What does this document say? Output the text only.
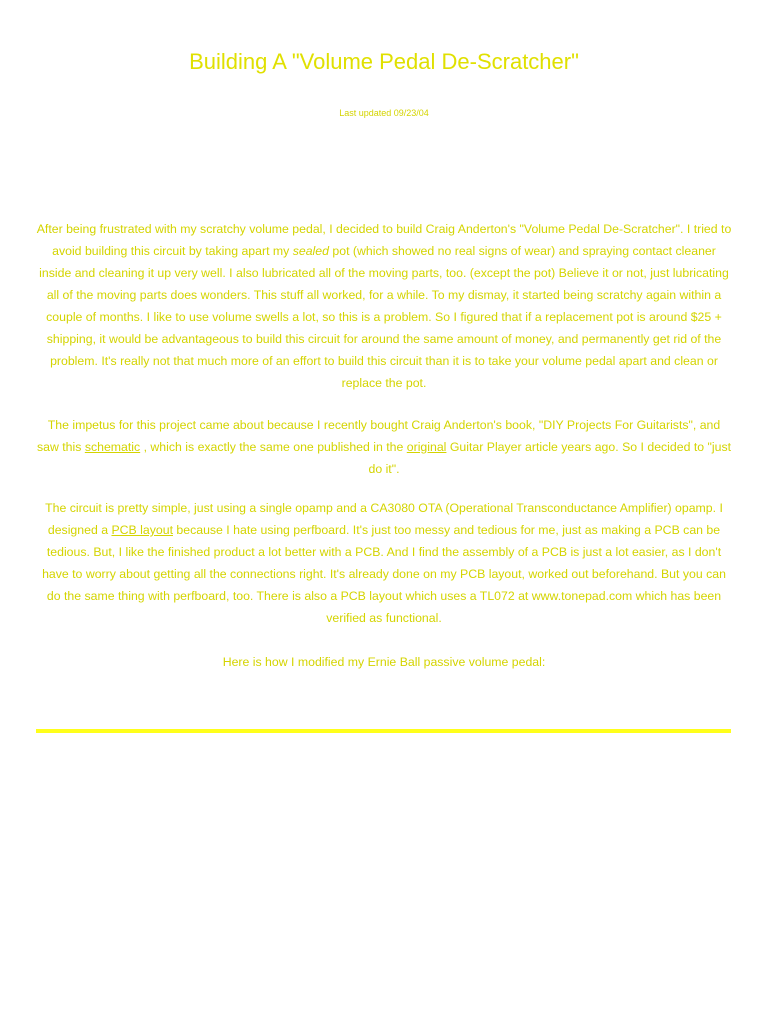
Building A "Volume Pedal De-Scratcher"
Last updated 09/23/04

After being frustrated with my scratchy volume pedal, I decided to build Craig Anderton's "Volume Pedal De-Scratcher". I tried to avoid building this circuit by taking apart my sealed pot (which showed no real signs of wear) and spraying contact cleaner inside and cleaning it up very well. I also lubricated all of the moving parts, too. (except the pot) Believe it or not, just lubricating all of the moving parts does wonders. This stuff all worked, for a while. To my dismay, it started being scratchy again within a couple of months. I like to use volume swells a lot, so this is a problem. So I figured that if a replacement pot is around $25 + shipping, it would be advantageous to build this circuit for around the same amount of money, and permanently get rid of the problem. It's really not that much more of an effort to build this circuit than it is to take your volume pedal apart and clean or replace the pot.

The impetus for this project came about because I recently bought Craig Anderton's book, "DIY Projects For Guitarists", and saw this schematic , which is exactly the same one published in the original Guitar Player article years ago. So I decided to "just do it".

The circuit is pretty simple, just using a single opamp and a CA3080 OTA (Operational Transconductance Amplifier) opamp. I designed a PCB layout because I hate using perfboard. It's just too messy and tedious for me, just as making a PCB can be tedious. But, I like the finished product a lot better with a PCB. And I find the assembly of a PCB is just a lot easier, as I don't have to worry about getting all the connections right. It's already done on my PCB layout, worked out beforehand. But you can do the same thing with perfboard, too. There is also a PCB layout which uses a TL072 at www.tonepad.com which has been verified as functional.

Here is how I modified my Ernie Ball passive volume pedal:
